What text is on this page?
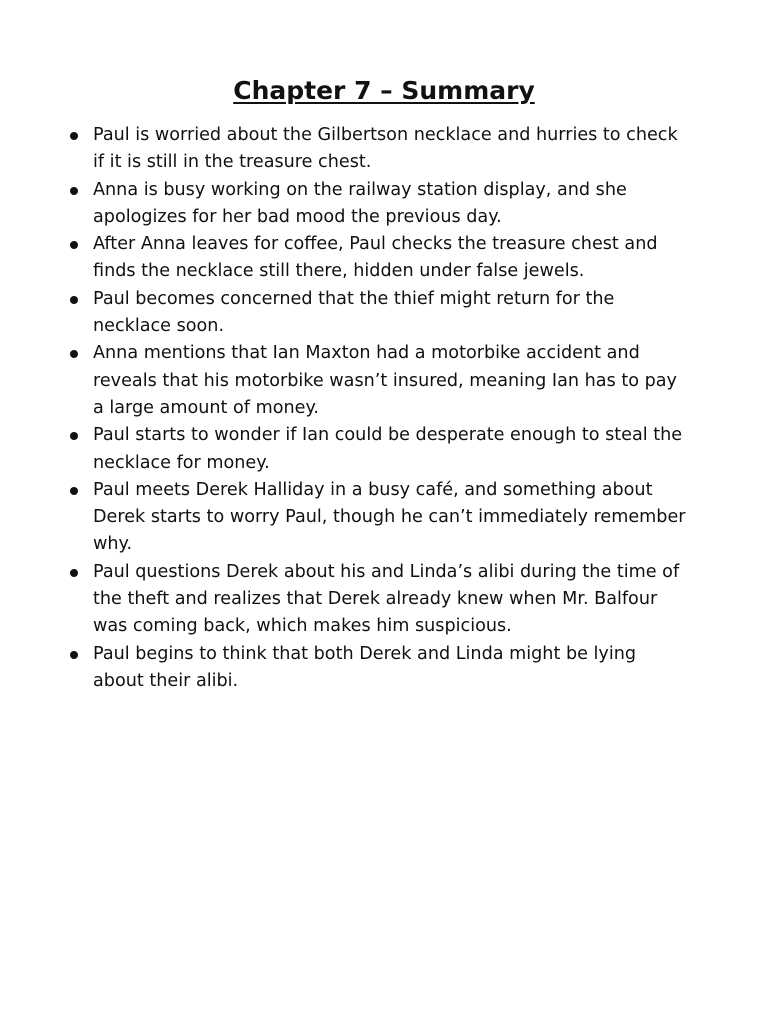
Chapter 7 – Summary
Paul is worried about the Gilbertson necklace and hurries to check if it is still in the treasure chest.
Anna is busy working on the railway station display, and she apologizes for her bad mood the previous day.
After Anna leaves for coffee, Paul checks the treasure chest and finds the necklace still there, hidden under false jewels.
Paul becomes concerned that the thief might return for the necklace soon.
Anna mentions that Ian Maxton had a motorbike accident and reveals that his motorbike wasn’t insured, meaning Ian has to pay a large amount of money.
Paul starts to wonder if Ian could be desperate enough to steal the necklace for money.
Paul meets Derek Halliday in a busy café, and something about Derek starts to worry Paul, though he can’t immediately remember why.
Paul questions Derek about his and Linda’s alibi during the time of the theft and realizes that Derek already knew when Mr. Balfour was coming back, which makes him suspicious.
Paul begins to think that both Derek and Linda might be lying about their alibi.
